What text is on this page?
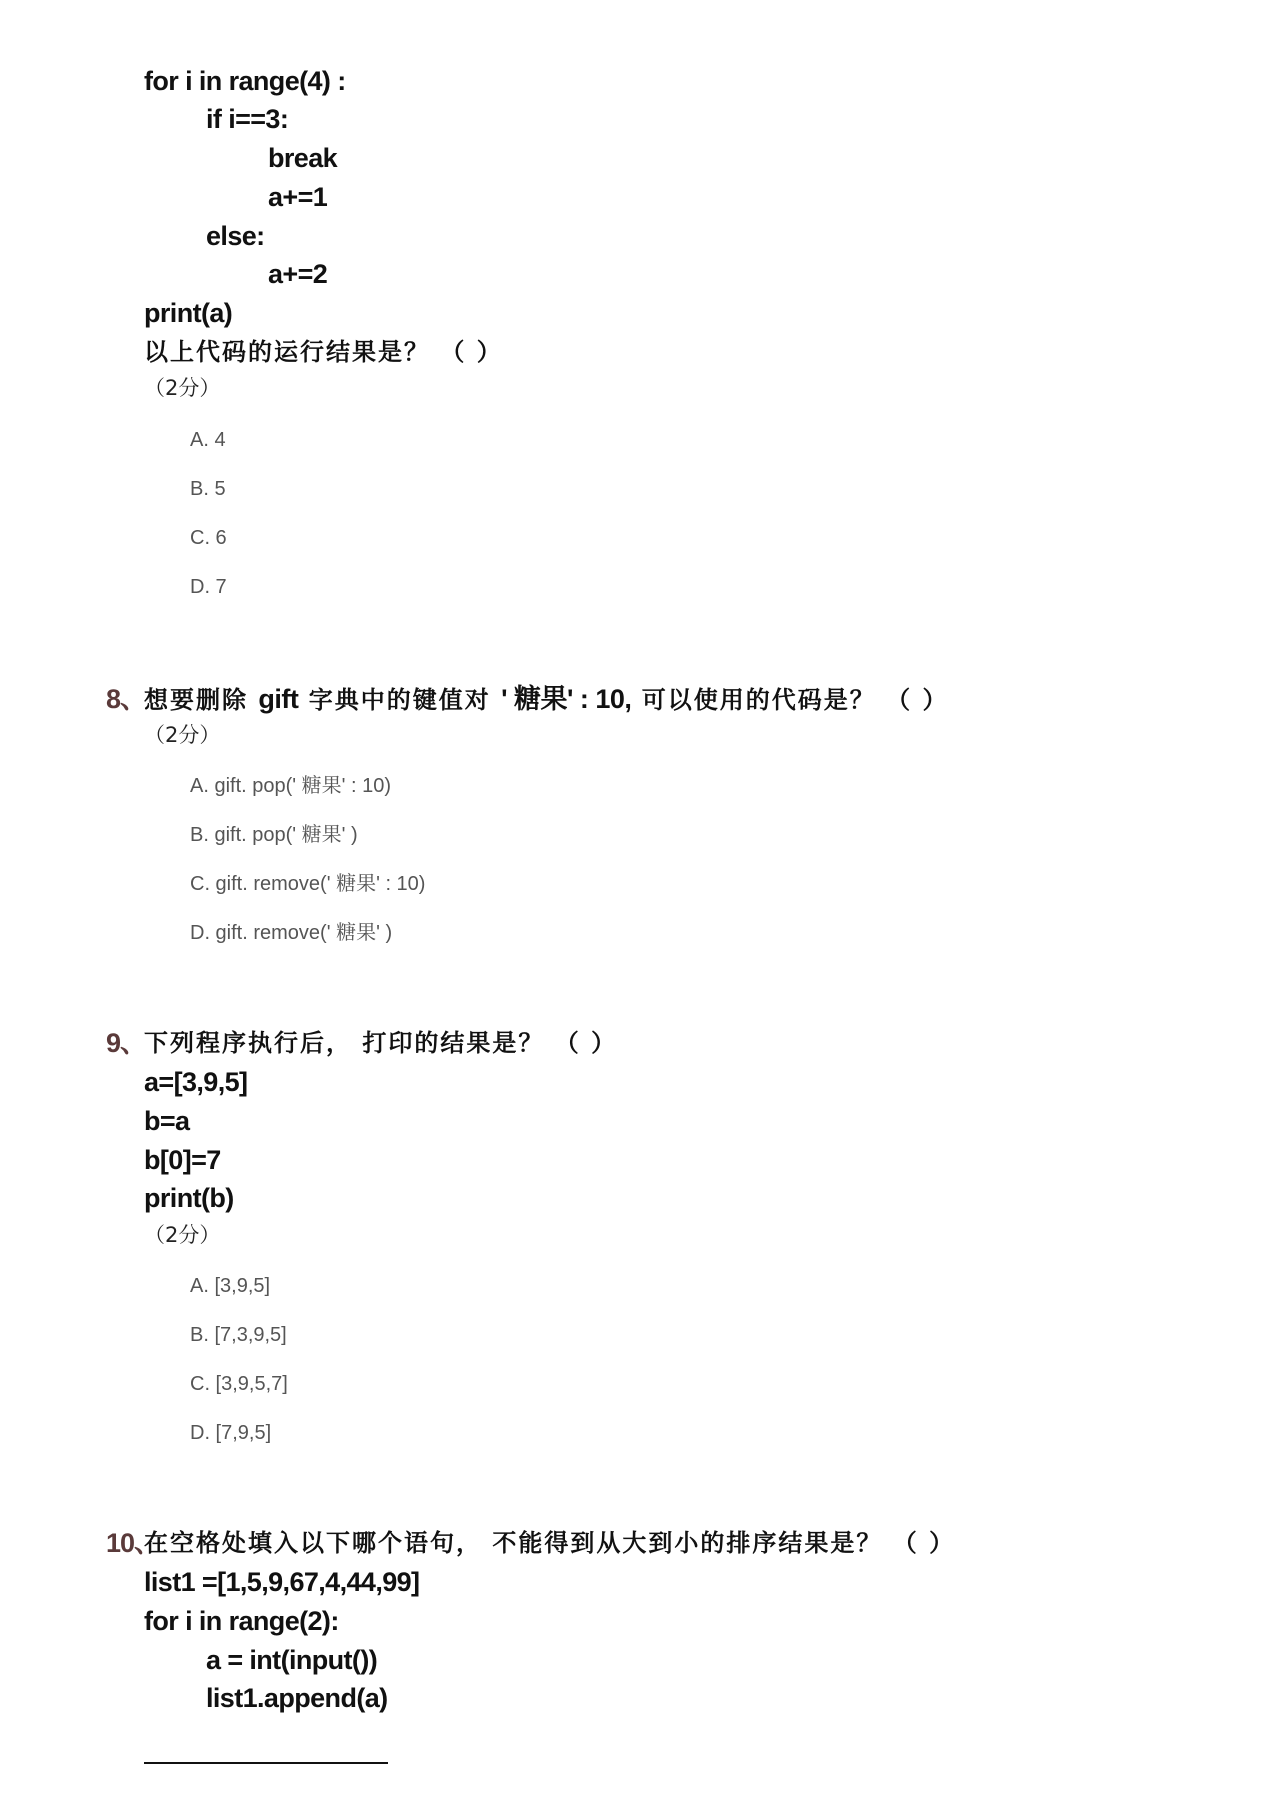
for i in range(4) :
if i==3:
break
a+=1
else:
a+=2
print(a)
以上代码的运行结果是？ （ ）
（2分）
A. 4
B. 5
C. 6
D. 7
8、
想要删除 gift 字典中的键值对 ' 糖果' : 10, 可以使用的代码是？ （ ）
（2分）
A. gift. pop(' 糖果' : 10)
B. gift. pop(' 糖果' )
C. gift. remove(' 糖果' : 10)
D. gift. remove(' 糖果' )
9、
下列程序执行后， 打印的结果是？ （ ）
a=[3,9,5]
b=a
b[0]=7
print(b)
（2分）
A. [3,9,5]
B. [7,3,9,5]
C. [3,9,5,7]
D. [7,9,5]
10、
在空格处填入以下哪个语句， 不能得到从大到小的排序结果是？ （ ）
list1 =[1,5,9,67,4,44,99]
for i in range(2):
a = int(input())
list1.append(a)
